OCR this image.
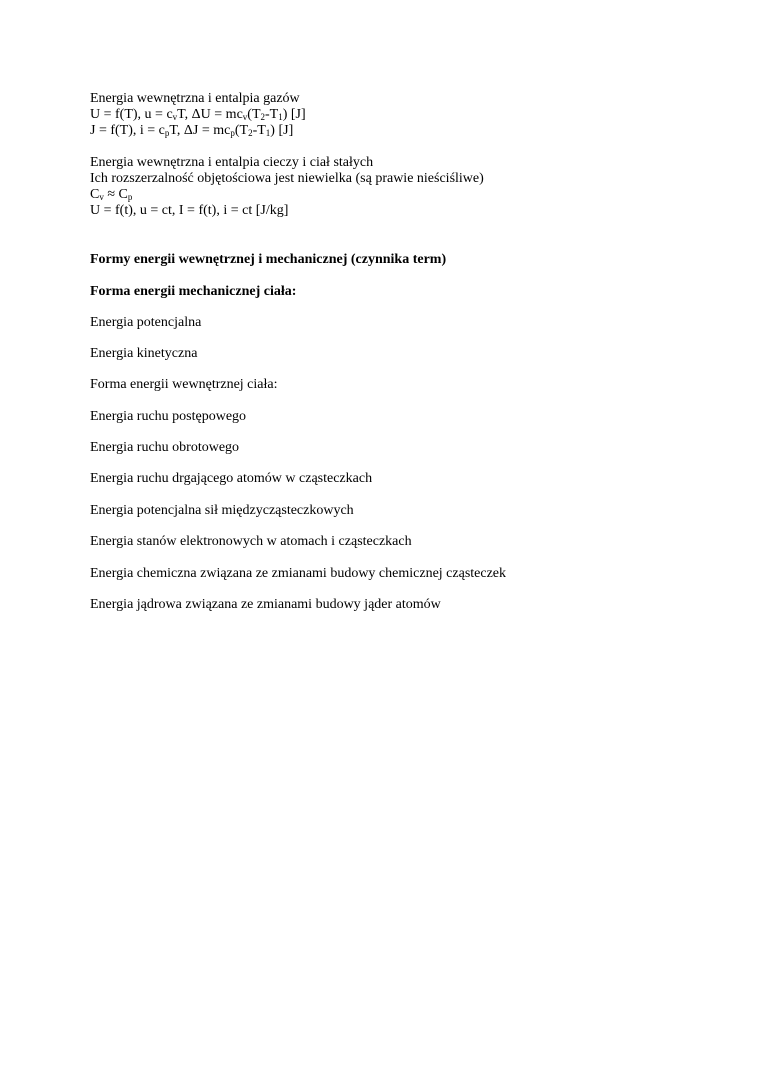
Energia wewnętrzna i entalpia gazów
U = f(T), $u = c_vT$, $\Delta U = mc_v(T_2-T_1)$ [J]
J = f(T), $i = c_pT$, $\Delta J = mc_p(T_2-T_1)$ [J]
Energia wewnętrzna i entalpia cieczy i ciał stałych
Ich rozszerzalność objętościowa jest niewielka (są prawie nieściśliwe)
$C_v \approx C_p$
U = f(t), u = ct, I = f(t), i = ct [J/kg]
Formy energii wewnętrznej i mechanicznej (czynnika term)
Forma energii mechanicznej ciała:
Energia potencjalna
Energia kinetyczna
Forma energii wewnętrznej ciała:
Energia ruchu postępowego
Energia ruchu obrotowego
Energia ruchu drgającego atomów w cząsteczkach
Energia potencjalna sił międzycząsteczkowych
Energia stanów elektronowych w atomach i cząsteczkach
Energia chemiczna związana ze zmianami budowy chemicznej cząsteczek
Energia jądrowa związana ze zmianami budowy jąder atomów
